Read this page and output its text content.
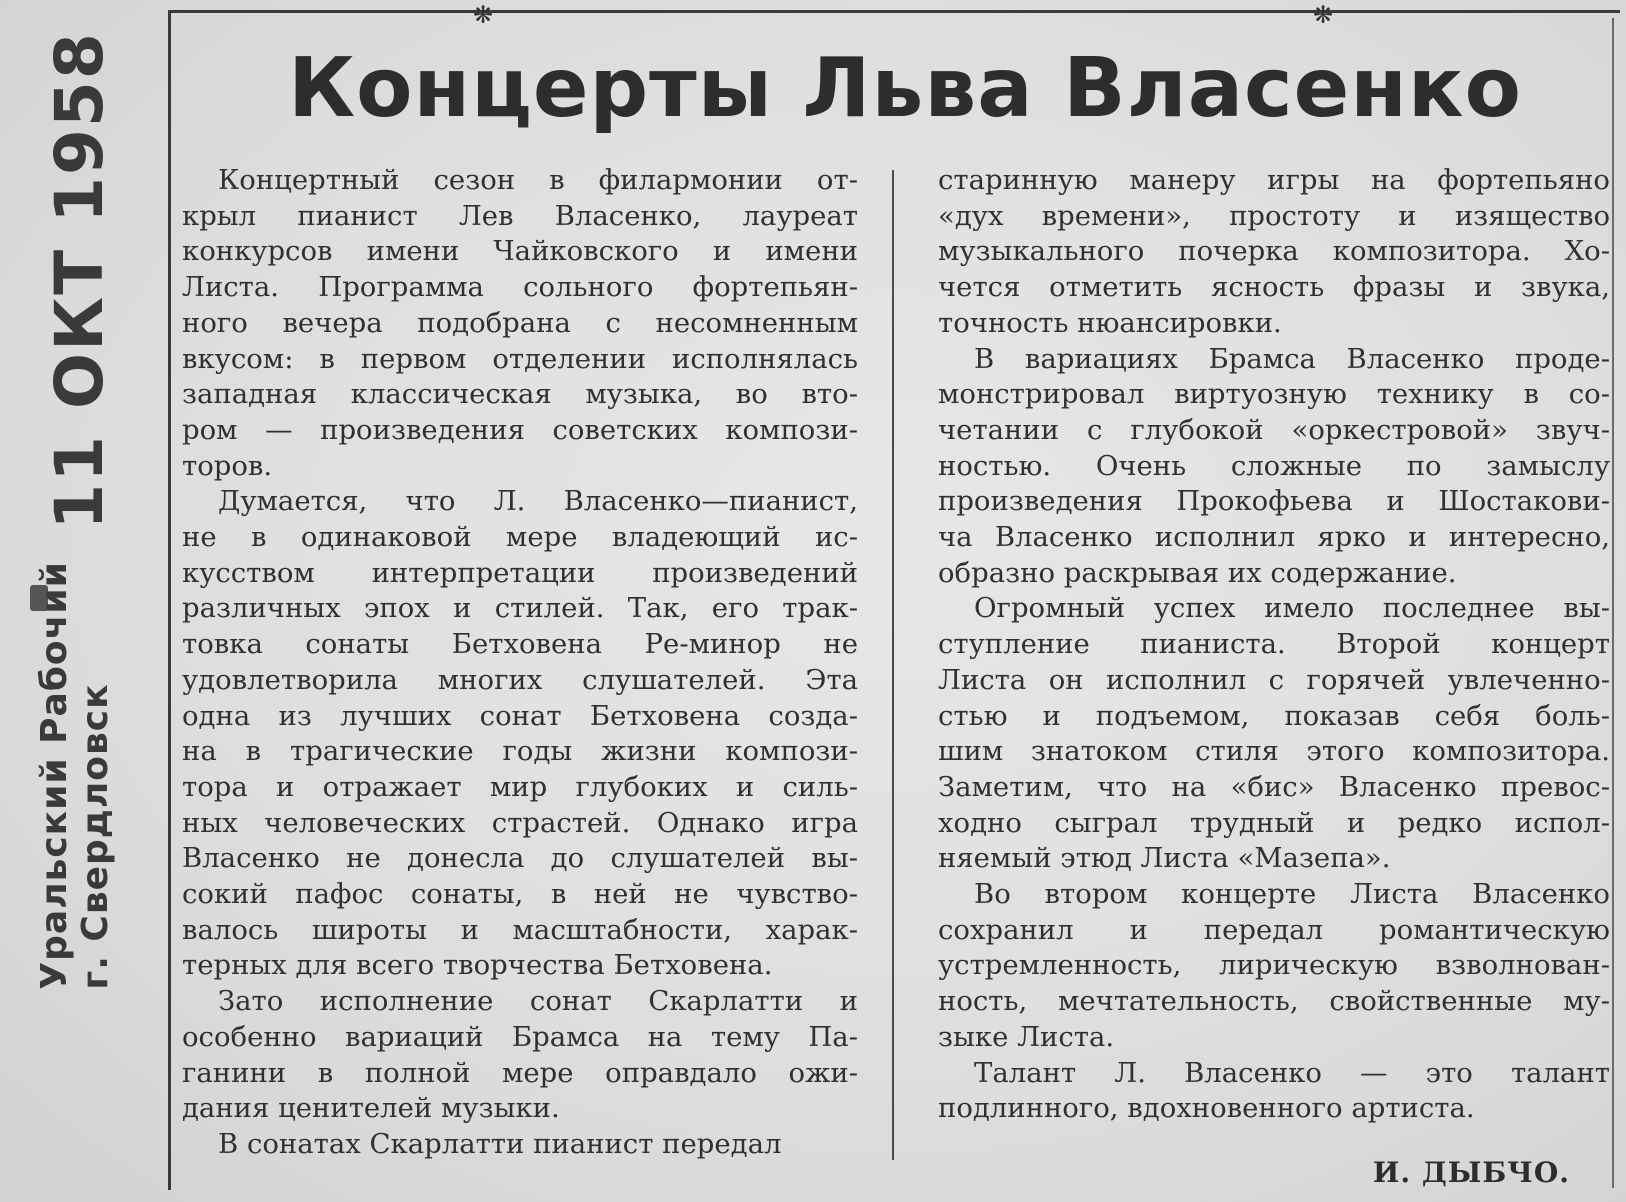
11 ОКТ 1958
Уральский Рабочий г. Свердловск
❋	❋
Концерты Льва Власенко

Концертный сезон в филармонии от-

крыл пианист Лев Власенко, лауреат

конкурсов имени Чайковского и имени

Листа. Программа сольного фортепьян-

ного вечера подобрана с несомненным

вкусом: в первом отделении исполнялась

западная классическая музыка, во вто-

ром — произведения советских компози-

торов.

Думается, что Л. Власенко—пианист,

не в одинаковой мере владеющий ис-

кусством интерпретации произведений

различных эпох и стилей. Так, его трак-

товка сонаты Бетховена Ре-минор не

удовлетворила многих слушателей. Эта

одна из лучших сонат Бетховена созда-

на в трагические годы жизни компози-

тора и отражает мир глубоких и силь-

ных человеческих страстей. Однако игра

Власенко не донесла до слушателей вы-

сокий пафос сонаты, в ней не чувство-

валось широты и масштабности, харак-

терных для всего творчества Бетховена.

Зато исполнение сонат Скарлатти и

особенно вариаций Брамса на тему Па-

ганини в полной мере оправдало ожи-

дания ценителей музыки.

В сонатах Скарлатти пианист передал

старинную манеру игры на фортепьяно

«дух времени», простоту и изящество

музыкального почерка композитора. Хо-

чется отметить ясность фразы и звука,

точность нюансировки.

В вариациях Брамса Власенко проде-

монстрировал виртуозную технику в со-

четании с глубокой «оркестровой» звуч-

ностью. Очень сложные по замыслу

произведения Прокофьева и Шостакови-

ча Власенко исполнил ярко и интересно,

образно раскрывая их содержание.

Огромный успех имело последнее вы-

ступление пианиста. Второй концерт

Листа он исполнил с горячей увлеченно-

стью и подъемом, показав себя боль-

шим знатоком стиля этого композитора.

Заметим, что на «бис» Власенко превос-

ходно сыграл трудный и редко испол-

няемый этюд Листа «Мазепа».

Во втором концерте Листа Власенко

сохранил и передал романтическую

устремленность, лирическую взволнован-

ность, мечтательность, свойственные му-

зыке Листа.

Талант Л. Власенко — это талант

подлинного, вдохновенного артиста.

И. ДЫБЧО.
